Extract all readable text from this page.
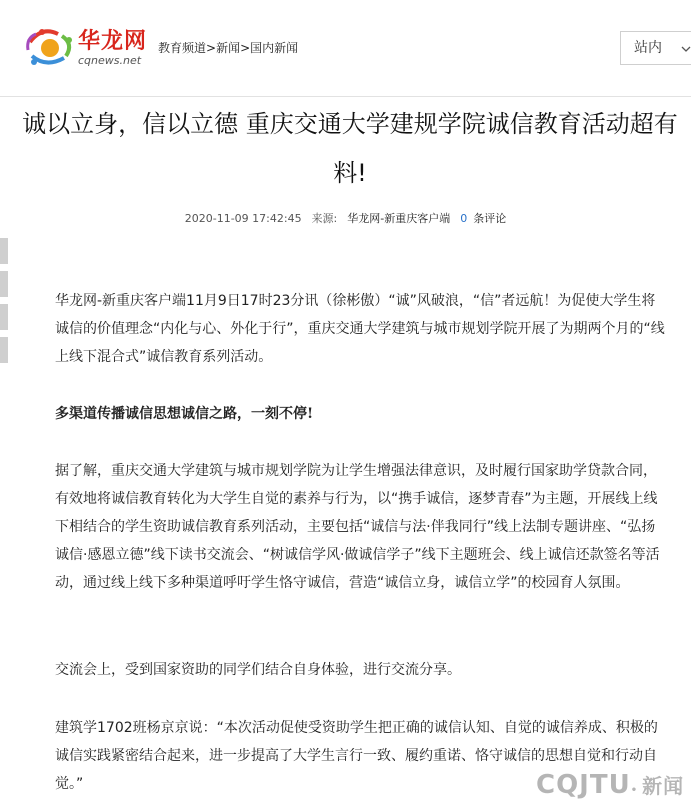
华龙网
cqnews.net
教育频道>新闻>国内新闻	站内
诚以立身，信以立德 重庆交通大学建规学院诚信教育活动超有料!
2020-11-09 17:42:45 来源: 华龙网-新重庆客户端 0 条评论

华龙网-新重庆客户端11月9日17时23分讯（徐彬傲）“诚”风破浪，“信”者远航！为促使大学生将诚信的价值理念“内化与心、外化于行”，重庆交通大学建筑与城市规划学院开展了为期两个月的“线上线下混合式”诚信教育系列活动。

多渠道传播诚信思想诚信之路，一刻不停!

据了解，重庆交通大学建筑与城市规划学院为让学生增强法律意识，及时履行国家助学贷款合同，有效地将诚信教育转化为大学生自觉的素养与行为，以“携手诚信，逐梦青春”为主题，开展线上线下相结合的学生资助诚信教育系列活动，主要包括“诚信与法·伴我同行”线上法制专题讲座、“弘扬诚信·感恩立德”线下读书交流会、“树诚信学风·做诚信学子”线下主题班会、线上诚信还款签名等活动，通过线上线下多种渠道呼吁学生恪守诚信，营造“诚信立身，诚信立学”的校园育人氛围。

交流会上，受到国家资助的同学们结合自身体验，进行交流分享。

建筑学1702班杨京京说：“本次活动促使受资助学生把正确的诚信认知、自觉的诚信养成、积极的诚信实践紧密结合起来，进一步提高了大学生言行一致、履约重诺、恪守诚信的思想自觉和行动自觉。”	CQJTU• 新闻
